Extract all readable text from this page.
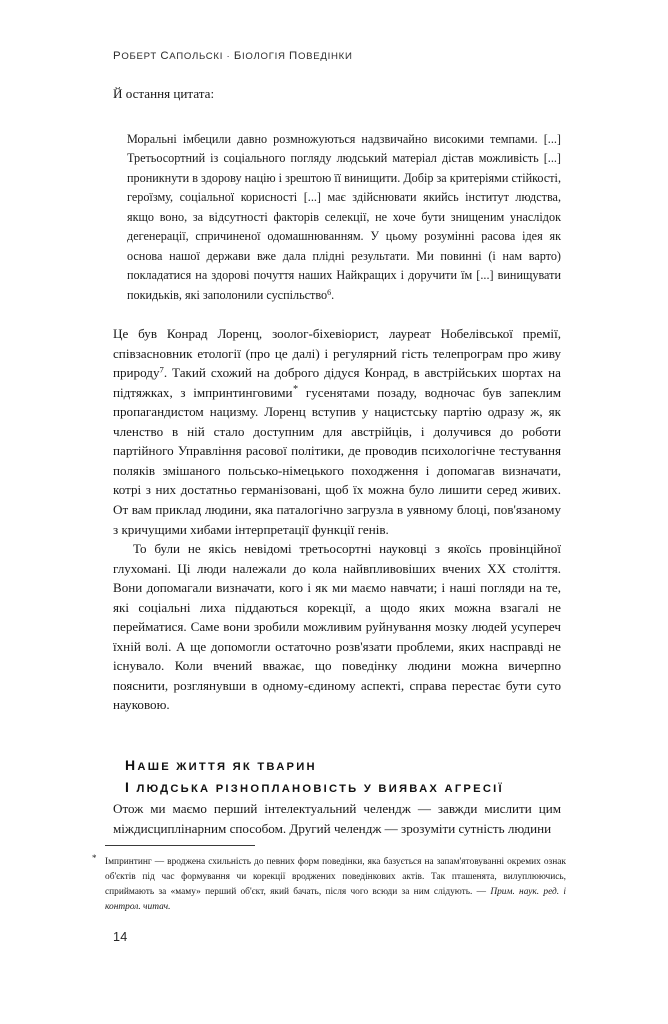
РОБЕРТ САПОЛЬСКІ · БІОЛОГІЯ ПОВЕДІНКИ

Й остання цитата:

Моральні імбецили давно розмножуються надзвичайно високими темпами. [...] Третьосортний із соціального погляду людський матеріал дістав можливість [...] проникнути в здорову націю і зрештою її винищити. Добір за критеріями стійкості, героїзму, соціальної корисності [...] має здійснювати якийсь інститут людства, якщо воно, за відсутності факторів селекції, не хоче бути знищеним унаслідок дегенерації, спричиненої одомашнюванням. У цьому розумінні расова ідея як основа нашої держави вже дала плідні результати. Ми повинні (і нам варто) покладатися на здорові почуття наших Найкращих і доручити їм [...] винищувати покидьків, які заполонили суспільство$^6$.

Це був Конрад Лоренц, зоолог-біхевіорист, лауреат Нобелівської премії, співзасновник етології (про це далі) і регулярний гість телепрограм про живу природу$^7$. Такий схожий на доброго дідуся Конрад, в австрійських шортах на підтяжках, з імпринтинговими* гусенятами позаду, водночас був запеклим пропагандистом нацизму. Лоренц вступив у нацистську партію одразу ж, як членство в ній стало доступним для австрійців, і долучився до роботи партійного Управління расової політики, де проводив психологічне тестування поляків змішаного польсько-німецького походження і допомагав визначати, котрі з них достатньо германізовані, щоб їх можна було лишити серед живих. От вам приклад людини, яка паталогічно загрузла в уявному блоці, пов'язаному з кричущими хибами інтерпретації функції генів.

То були не якісь невідомі третьосортні науковці з якоїсь провінційної глухомані. Ці люди належали до кола найвпливовіших вчених XX століття. Вони допомагали визначати, кого і як ми маємо навчати; і наші погляди на те, які соціальні лиха піддаються корекції, а щодо яких можна взагалі не перейматися. Саме вони зробили можливим руйнування мозку людей усупереч їхній волі. А ще допомогли остаточно розв'язати проблеми, яких насправді не існувало. Коли вчений вважає, що поведінку людини можна вичерпно пояснити, розглянувши в одному-єдиному аспекті, справа перестає бути суто науковою.

НАШЕ ЖИТТЯ ЯК ТВАРИН
І ЛЮДСЬКА РІЗНОПЛАНОВІСТЬ У ВИЯВАХ АГРЕСІЇ

Отож ми маємо перший інтелектуальний челендж — завжди мислити цим міждисциплінарним способом. Другий челендж — зрозуміти сутність людини

* Імпринтинг — вроджена схильність до певних форм поведінки, яка базується на запам'ятовуванні окремих ознак об'єктів під час формування чи корекції вроджених поведінкових актів. Так пташенята, вилуплюючись, сприймають за «маму» перший об'єкт, який бачать, після чого всюди за ним слідують. — Прим. наук. ред. і контрол. читач.

14
